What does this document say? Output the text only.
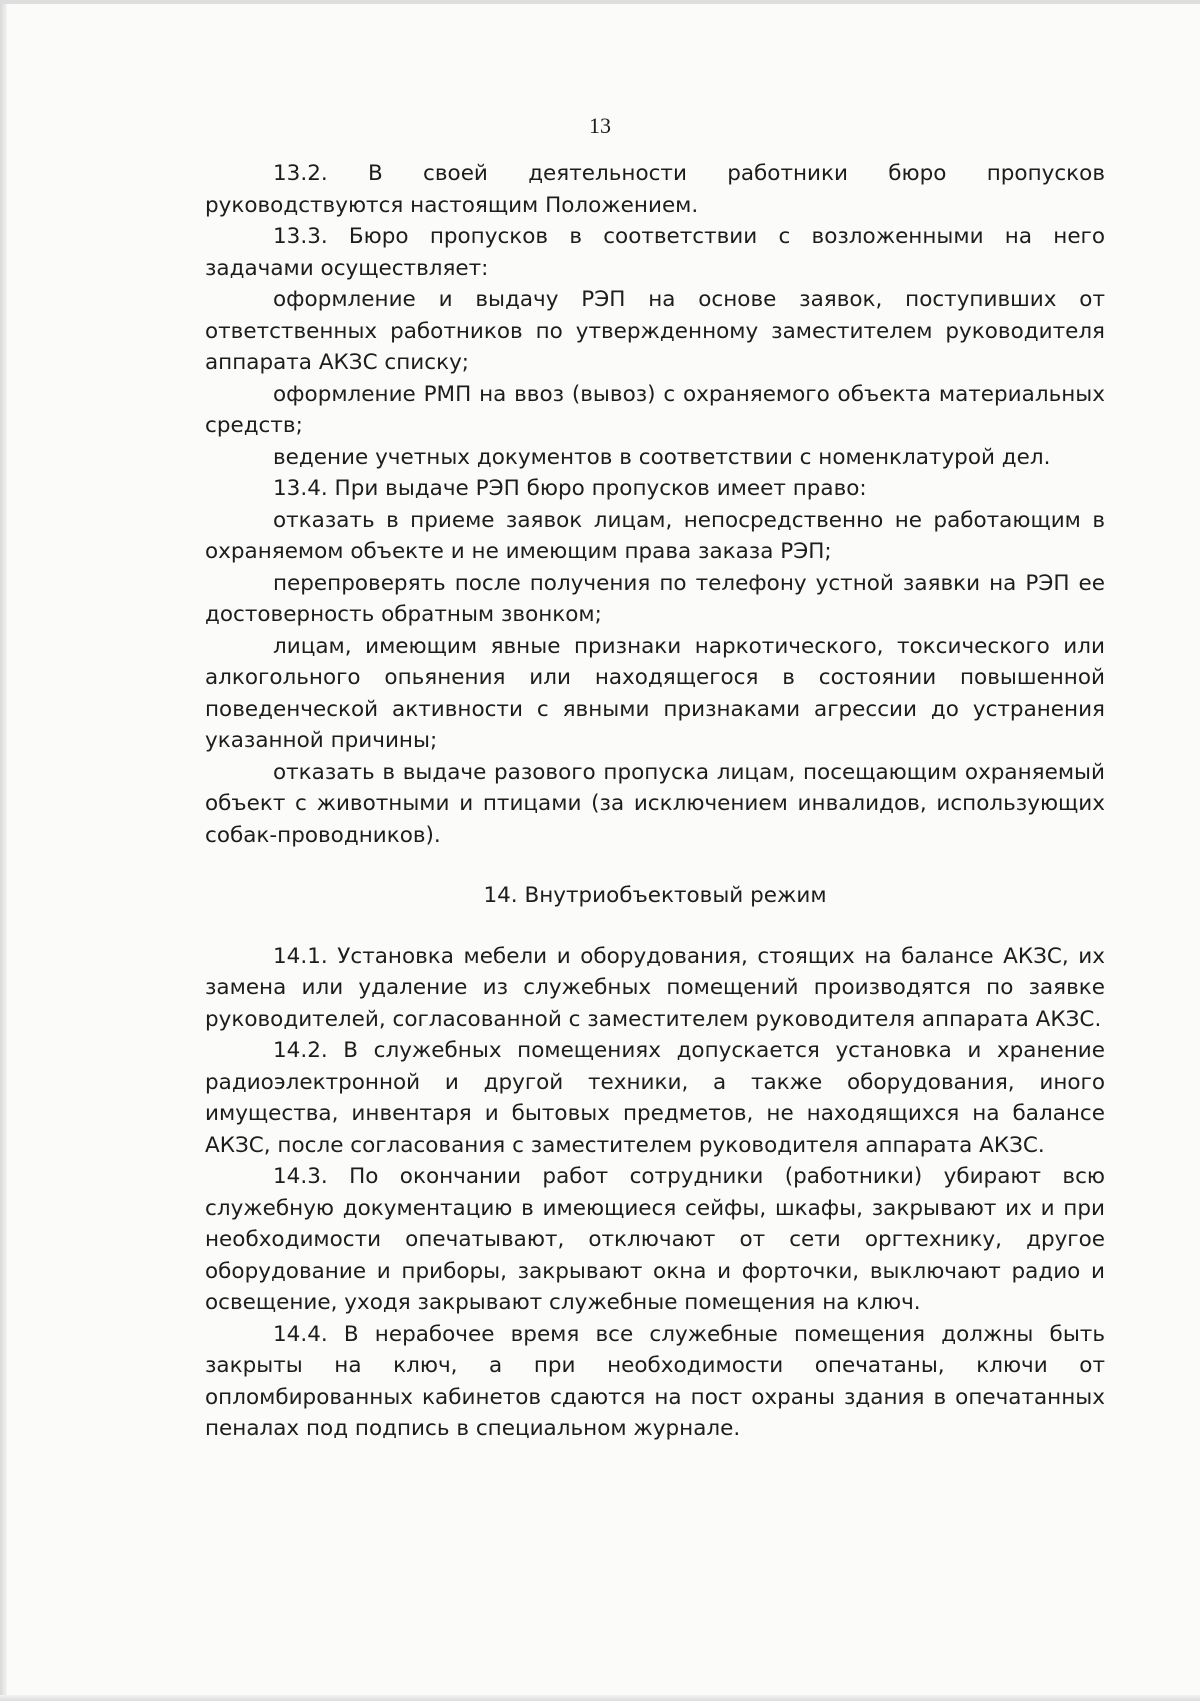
13

13.2. В своей деятельности работники бюро пропусков руководствуются настоящим Положением.

13.3. Бюро пропусков в соответствии с возложенными на него задачами осуществляет:

оформление и выдачу РЭП на основе заявок, поступивших от ответственных работников по утвержденному заместителем руководителя аппарата АКЗС списку;

оформление РМП на ввоз (вывоз) с охраняемого объекта материальных средств;

ведение учетных документов в соответствии с номенклатурой дел.

13.4. При выдаче РЭП бюро пропусков имеет право:

отказать в приеме заявок лицам, непосредственно не работающим в охраняемом объекте и не имеющим права заказа РЭП;

перепроверять после получения по телефону устной заявки на РЭП ее достоверность обратным звонком;

лицам, имеющим явные признаки наркотического, токсического или алкогольного опьянения или находящегося в состоянии повышенной поведенческой активности с явными признаками агрессии до устранения указанной причины;

отказать в выдаче разового пропуска лицам, посещающим охраняемый объект с животными и птицами (за исключением инвалидов, использующих собак-проводников).

14. Внутриобъектовый режим

14.1. Установка мебели и оборудования, стоящих на балансе АКЗС, их замена или удаление из служебных помещений производятся по заявке руководителей, согласованной с заместителем руководителя аппарата АКЗС.

14.2. В служебных помещениях допускается установка и хранение радиоэлектронной и другой техники, а также оборудования, иного имущества, инвентаря и бытовых предметов, не находящихся на балансе АКЗС, после согласования с заместителем руководителя аппарата АКЗС.

14.3. По окончании работ сотрудники (работники) убирают всю служебную документацию в имеющиеся сейфы, шкафы, закрывают их и при необходимости опечатывают, отключают от сети оргтехнику, другое оборудование и приборы, закрывают окна и форточки, выключают радио и освещение, уходя закрывают служебные помещения на ключ.

14.4. В нерабочее время все служебные помещения должны быть закрыты на ключ, а при необходимости опечатаны, ключи от опломбированных кабинетов сдаются на пост охраны здания в опечатанных пеналах под подпись в специальном журнале.
